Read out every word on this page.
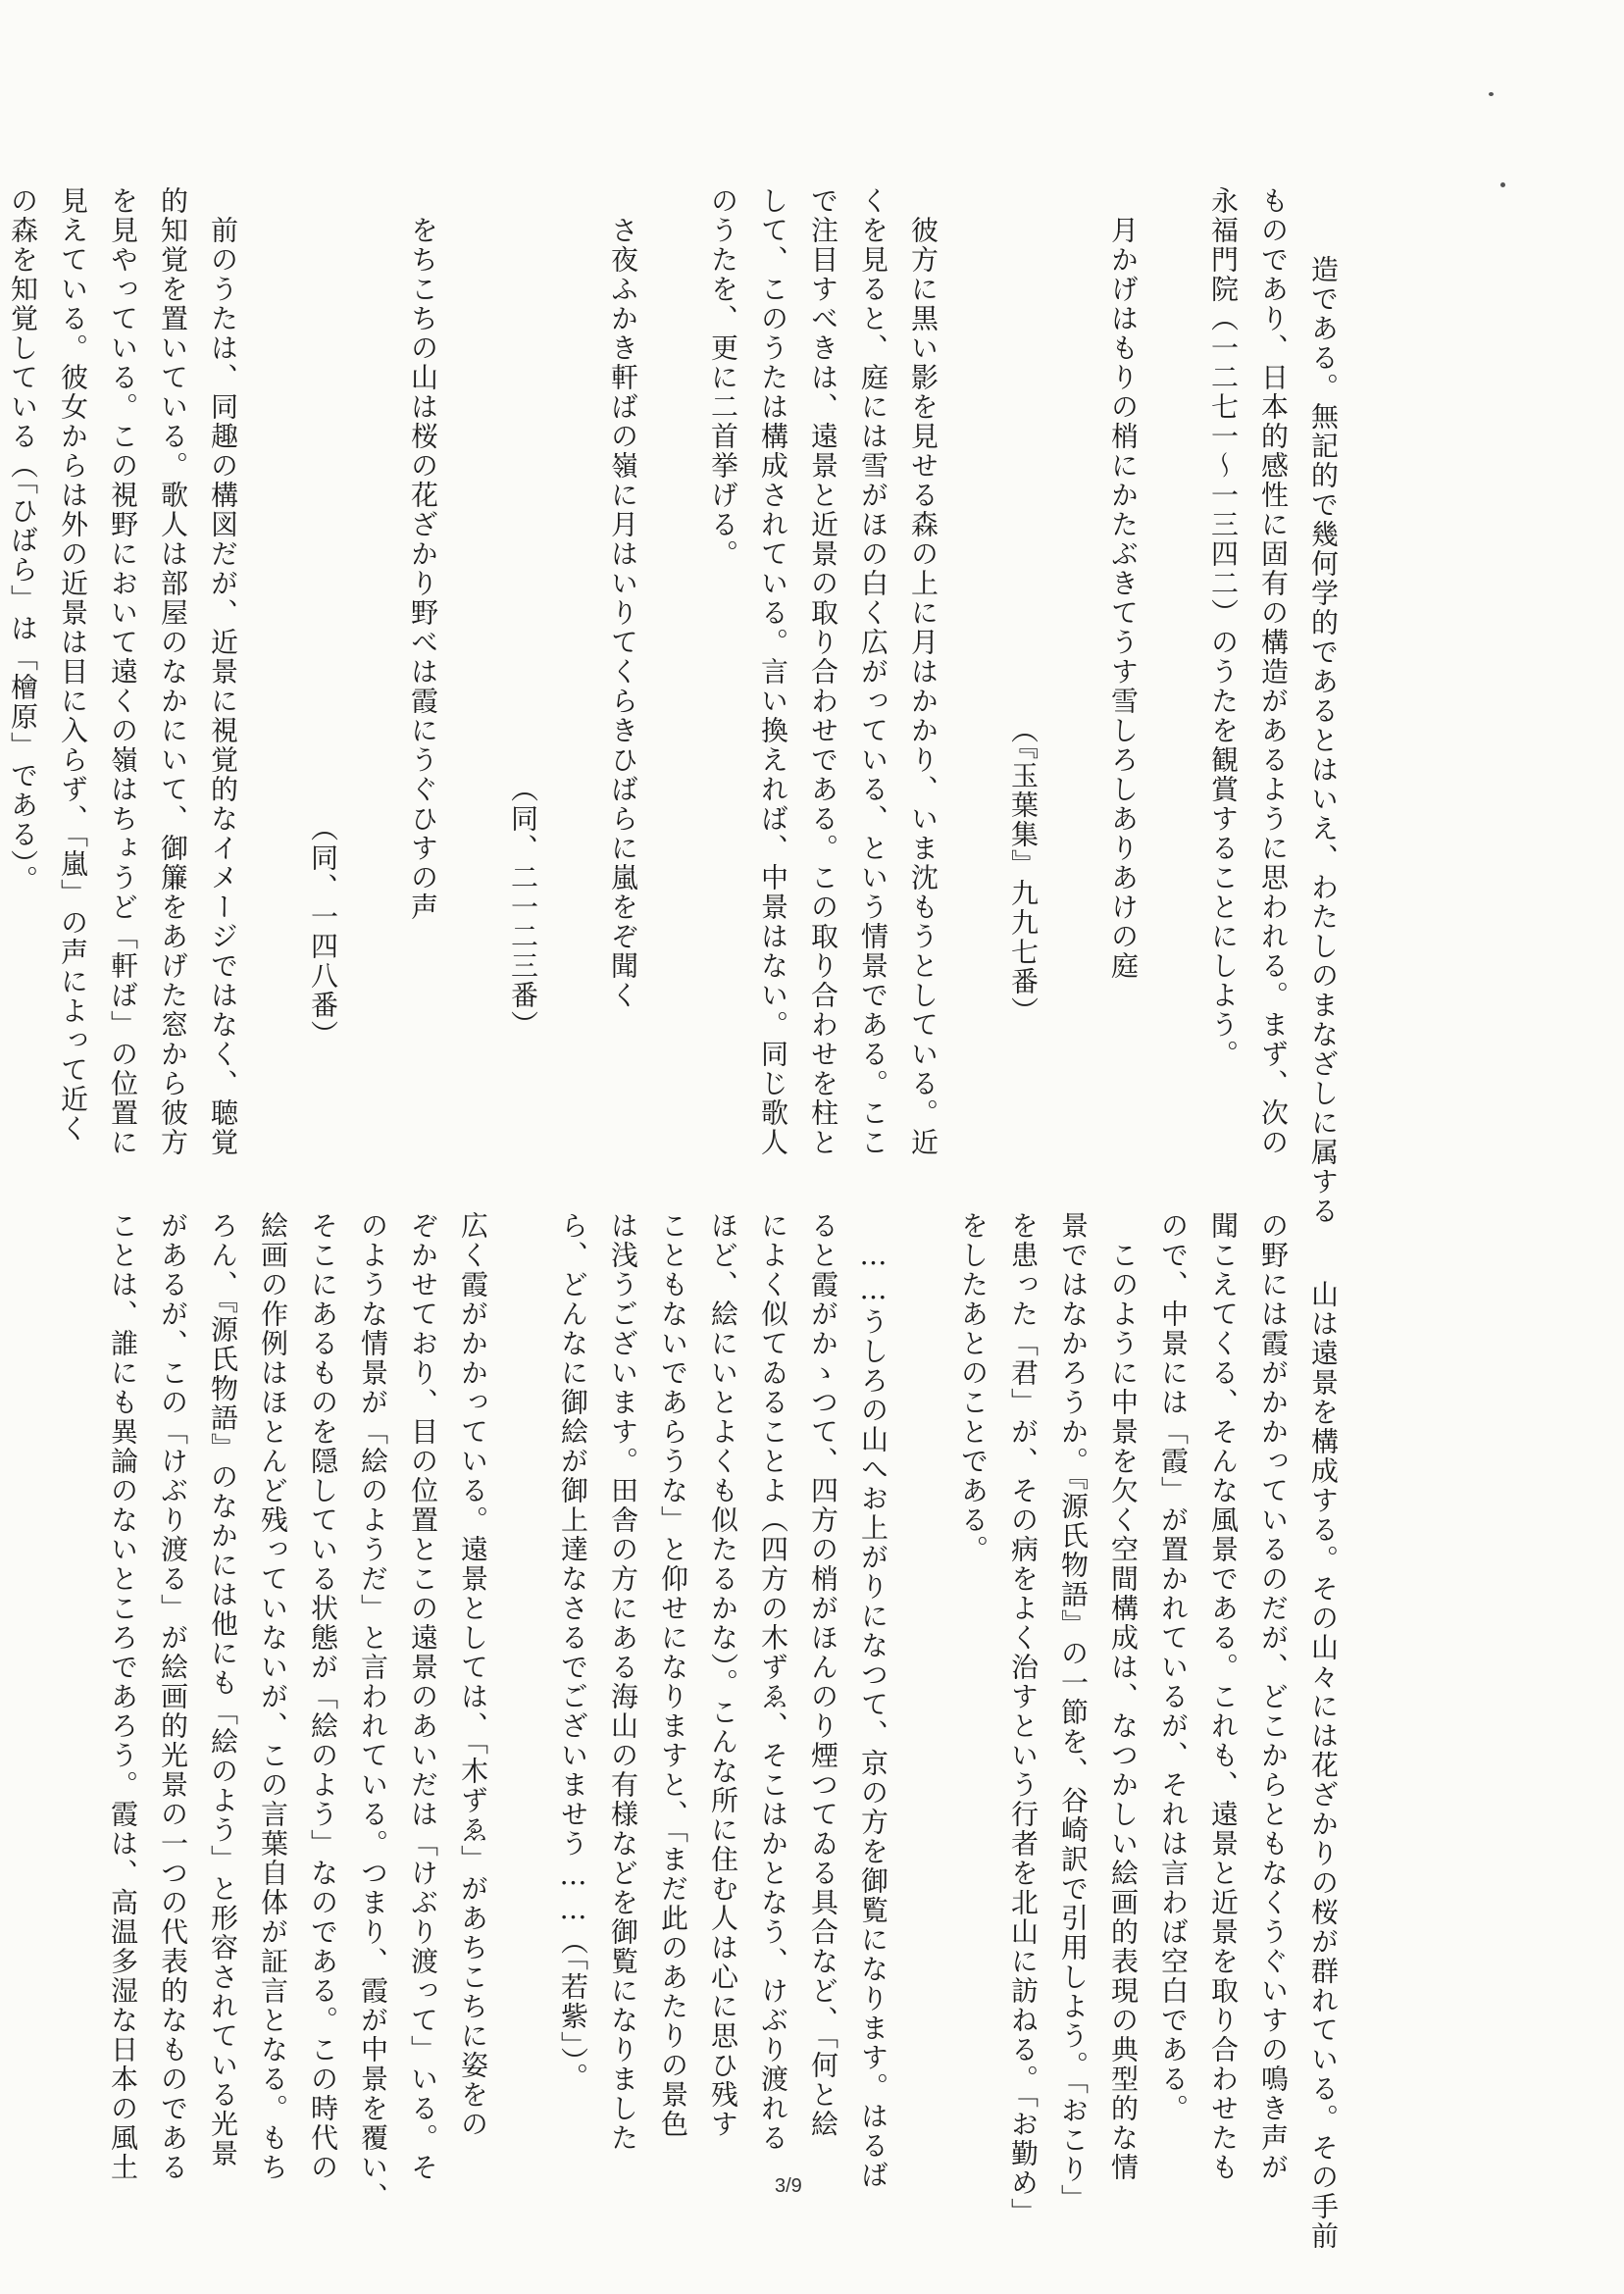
造である。無記的で幾何学的であるとはいえ、わたしのまなざしに属する
ものであり、日本的感性に固有の構造があるように思われる。まず、次の
永福門院（一二七一〜一三四二）のうたを観賞することにしよう。

　月かげはもりの梢にかたぶきてうす雪しろしありあけの庭

（『玉葉集』九九七番）

　彼方に黒い影を見せる森の上に月はかかり、いま沈もうとしている。近
くを見ると、庭には雪がほの白く広がっている、という情景である。ここ
で注目すべきは、遠景と近景の取り合わせである。この取り合わせを柱と
して、このうたは構成されている。言い換えれば、中景はない。同じ歌人
のうたを、更に二首挙げる。

　さ夜ふかき軒ばの嶺に月はいりてくらきひばらに嵐をぞ聞く

（同、二一二三番）

　をちこちの山は桜の花ざかり野べは霞にうぐひすの声

（同、一四八番）

　前のうたは、同趣の構図だが、近景に視覚的なイメージではなく、聴覚
的知覚を置いている。歌人は部屋のなかにいて、御簾をあげた窓から彼方
を見やっている。この視野において遠くの嶺はちょうど「軒ば」の位置に
見えている。彼女からは外の近景は目に入らず、「嵐」の声によって近く
の森を知覚している（「ひばら」は「檜原」である）。

山は遠景を構成する。その山々には花ざかりの桜が群れている。その手前
の野には霞がかかっているのだが、どこからともなくうぐいすの鳴き声が
聞こえてくる、そんな風景である。これも、遠景と近景を取り合わせたも
ので、中景には「霞」が置かれているが、それは言わば空白である。
　このように中景を欠く空間構成は、なつかしい絵画的表現の典型的な情
景ではなかろうか。『源氏物語』の一節を、谷崎訳で引用しよう。「おこり」
を患った「君」が、その病をよく治すという行者を北山に訪ねる。「お勤め」
をしたあとのことである。

……うしろの山へお上がりになつて、京の方を御覧になります。はるば
ると霞がかゝつて、四方の梢がほんのり煙つてゐる具合など、「何と絵
によく似てゐることよ（四方の木ずゑ、そこはかとなう、けぶり渡れる
ほど、絵にいとよくも似たるかな）。こんな所に住む人は心に思ひ残す
こともないであらうな」と仰せになりますと、「まだ此のあたりの景色
は浅うございます。田舎の方にある海山の有様などを御覧になりました
ら、どんなに御絵が御上達なさるでございませう……（「若紫」）。

広く霞がかかっている。遠景としては、「木ずゑ」があちこちに姿をの
ぞかせており、目の位置とこの遠景のあいだは「けぶり渡って」いる。そ
のような情景が「絵のようだ」と言われている。つまり、霞が中景を覆い、
そこにあるものを隠している状態が「絵のよう」なのである。この時代の
絵画の作例はほとんど残っていないが、この言葉自体が証言となる。もち
ろん、『源氏物語』のなかには他にも「絵のよう」と形容されている光景
があるが、この「けぶり渡る」が絵画的光景の一つの代表的なものである
ことは、誰にも異論のないところであろう。霞は、高温多湿な日本の風土

3/9
